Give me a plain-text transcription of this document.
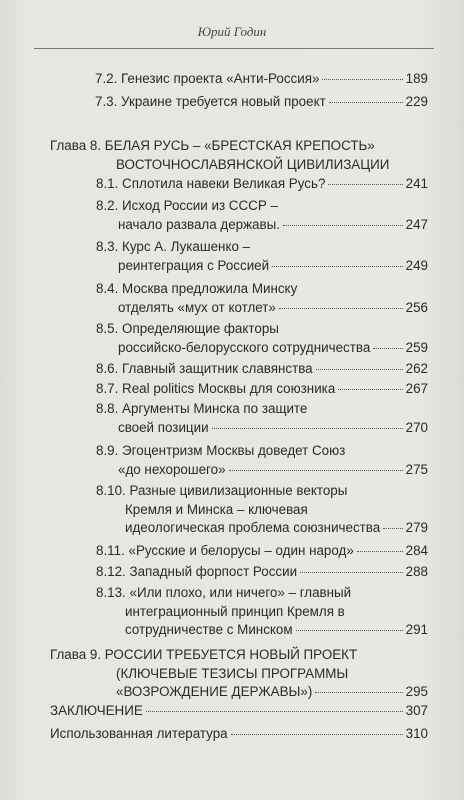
Юрий Годин
7.2. Генезис проекта «Анти-Россия»	189
7.3. Украине требуется новый проект	229
Глава 8. БЕЛАЯ РУСЬ – «БРЕСТСКАЯ КРЕПОСТЬ»
ВОСТОЧНОСЛАВЯНСКОЙ ЦИВИЛИЗАЦИИ
8.1. Сплотила навеки Великая Русь?	241
8.2. Исход России из СССР –
начало развала державы.	247
8.3. Курс А. Лукашенко –
реинтеграция с Россией	249
8.4. Москва предложила Минску
отделять «мух от котлет»	256
8.5. Определяющие факторы
российско-белорусского сотрудничества	259
8.6. Главный защитник славянства	262
8.7. Real politics Москвы для союзника	267
8.8. Аргументы Минска по защите
своей позиции	270
8.9. Эгоцентризм Москвы доведет Союз
«до нехорошего»	275
8.10. Разные цивилизационные векторы
Кремля и Минска – ключевая
идеологическая проблема союзничества 279
8.11. «Русские и белорусы – один народ»	284
8.12. Западный форпост России	288
8.13. «Или плохо, или ничего» – главный
интеграционный принцип Кремля в
сотрудничестве с Минском	291
Глава 9. РОССИИ ТРЕБУЕТСЯ НОВЫЙ ПРОЕКТ
(КЛЮЧЕВЫЕ ТЕЗИСЫ ПРОГРАММЫ
«ВОЗРОЖДЕНИЕ ДЕРЖАВЫ»)	295
ЗАКЛЮЧЕНИЕ	307
Использованная литература	310
